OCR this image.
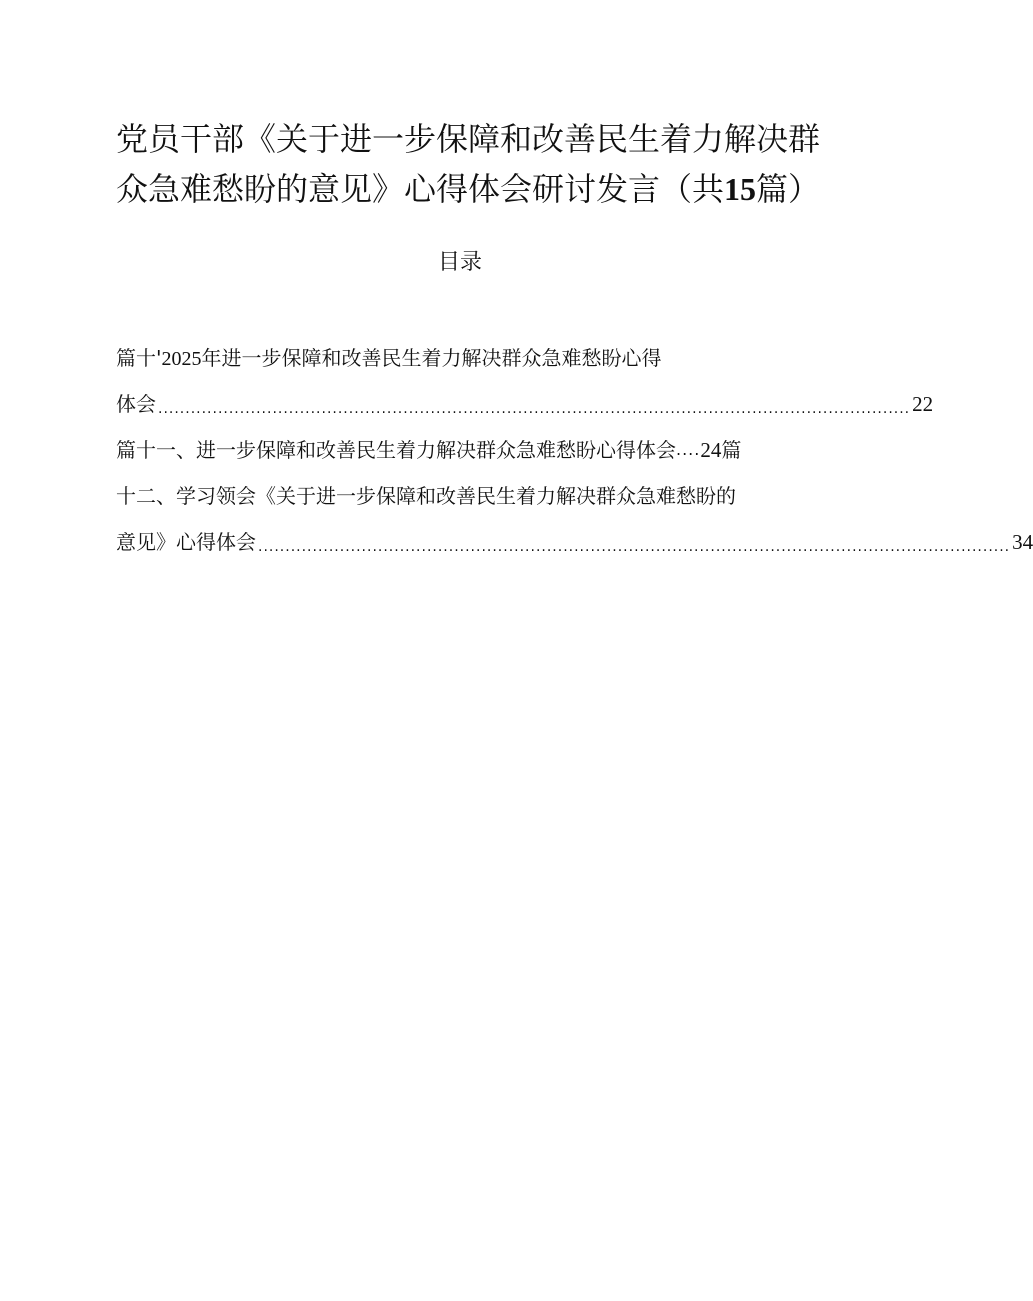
党员干部《关于进一步保障和改善民生着力解决群
众急难愁盼的意见》心得体会研讨发言（共15篇）
目录
篇十'2025年进一步保障和改善民生着力解决群众急难愁盼心得
体会 .......................................................................................................................................... 22
篇十一、进一步保障和改善民生着力解决群众急难愁盼心得体会 .... 24 篇
十二、学习领会《关于进一步保障和改善民生着力解决群众急难愁盼的
意见》心得体会 .......................................................................................................................................... 34
